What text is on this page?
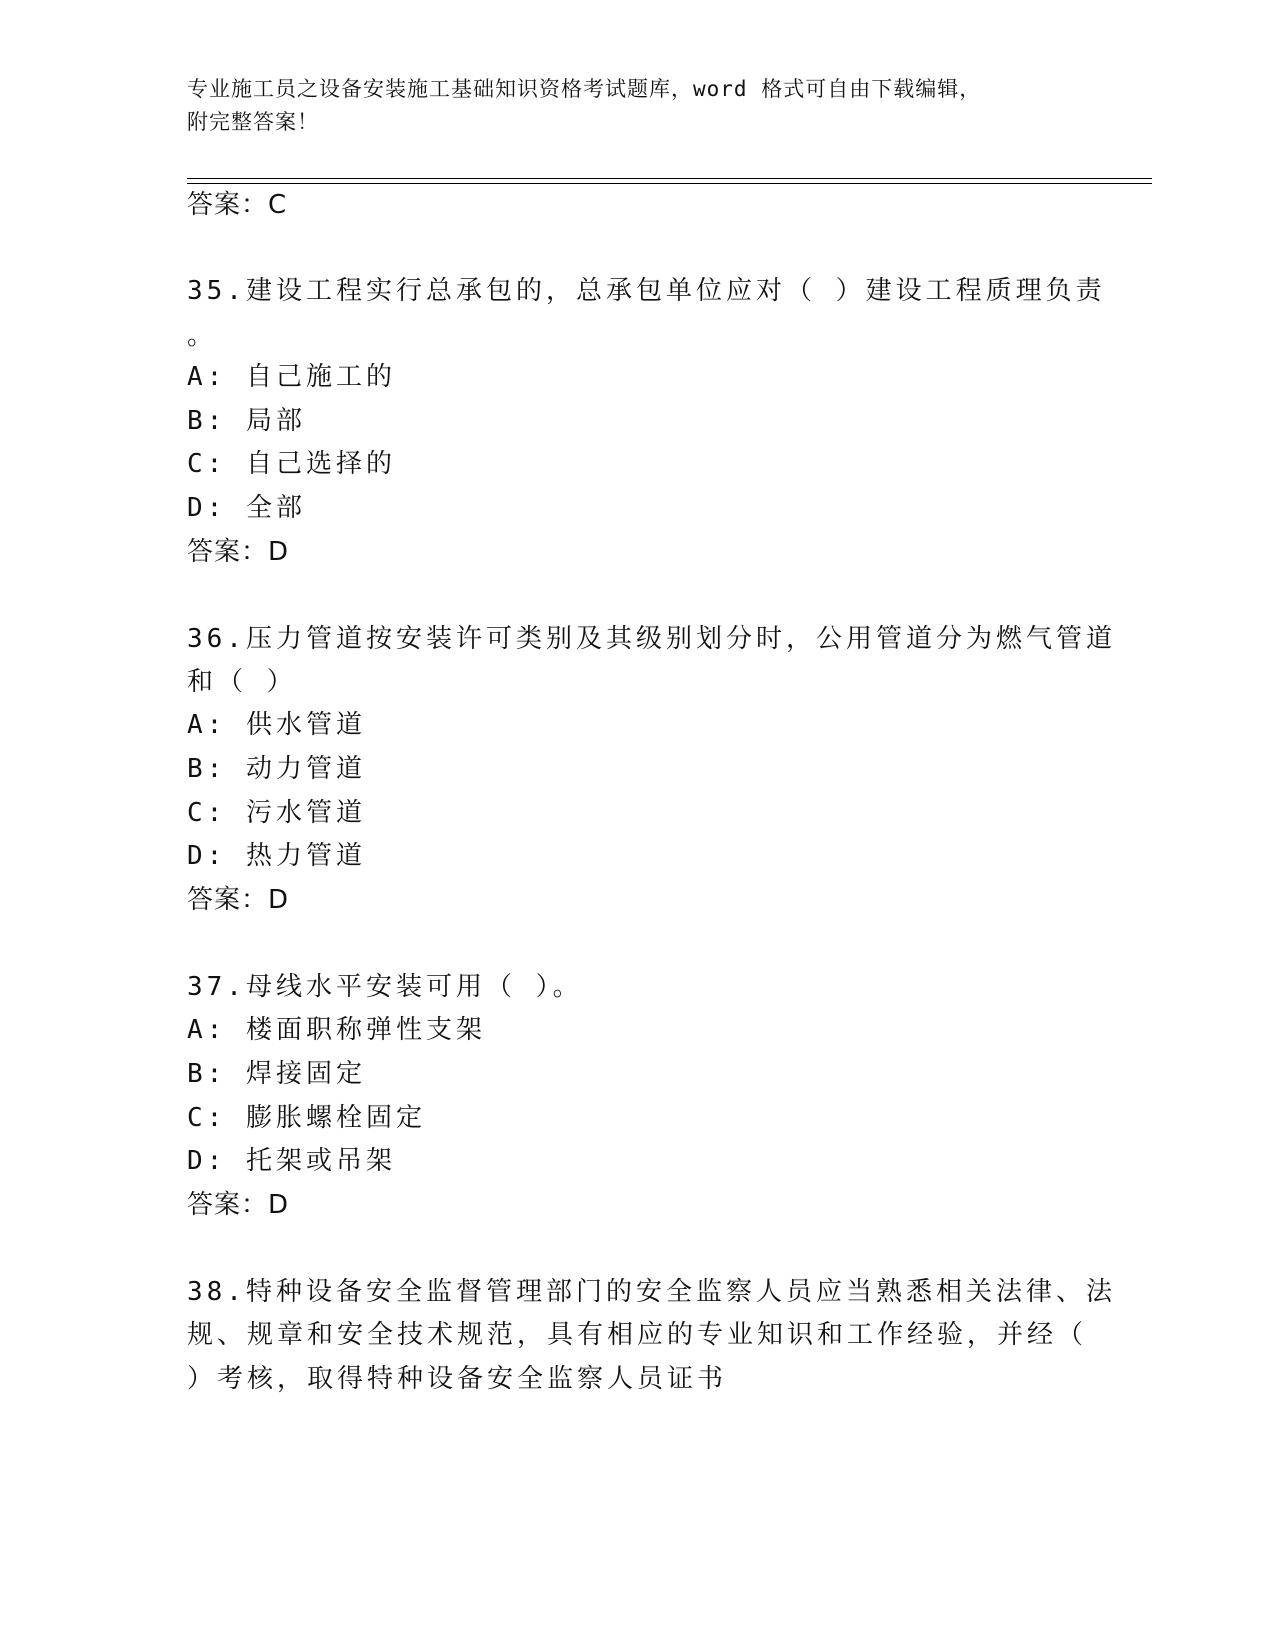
专业施工员之设备安装施工基础知识资格考试题库，word 格式可自由下载编辑，
附完整答案！
答案：C
35.建设工程实行总承包的，总承包单位应对（ ）建设工程质理负责
。
A: 自己施工的
B: 局部
C: 自己选择的
D: 全部
答案：D
36.压力管道按安装许可类别及其级别划分时，公用管道分为燃气管道
和（ ）
A: 供水管道
B: 动力管道
C: 污水管道
D: 热力管道
答案：D
37.母线水平安装可用（ ）。
A: 楼面职称弹性支架
B: 焊接固定
C: 膨胀螺栓固定
D: 托架或吊架
答案：D
38.特种设备安全监督管理部门的安全监察人员应当熟悉相关法律、法
规、规章和安全技术规范，具有相应的专业知识和工作经验，并经（
）考核，取得特种设备安全监察人员证书
